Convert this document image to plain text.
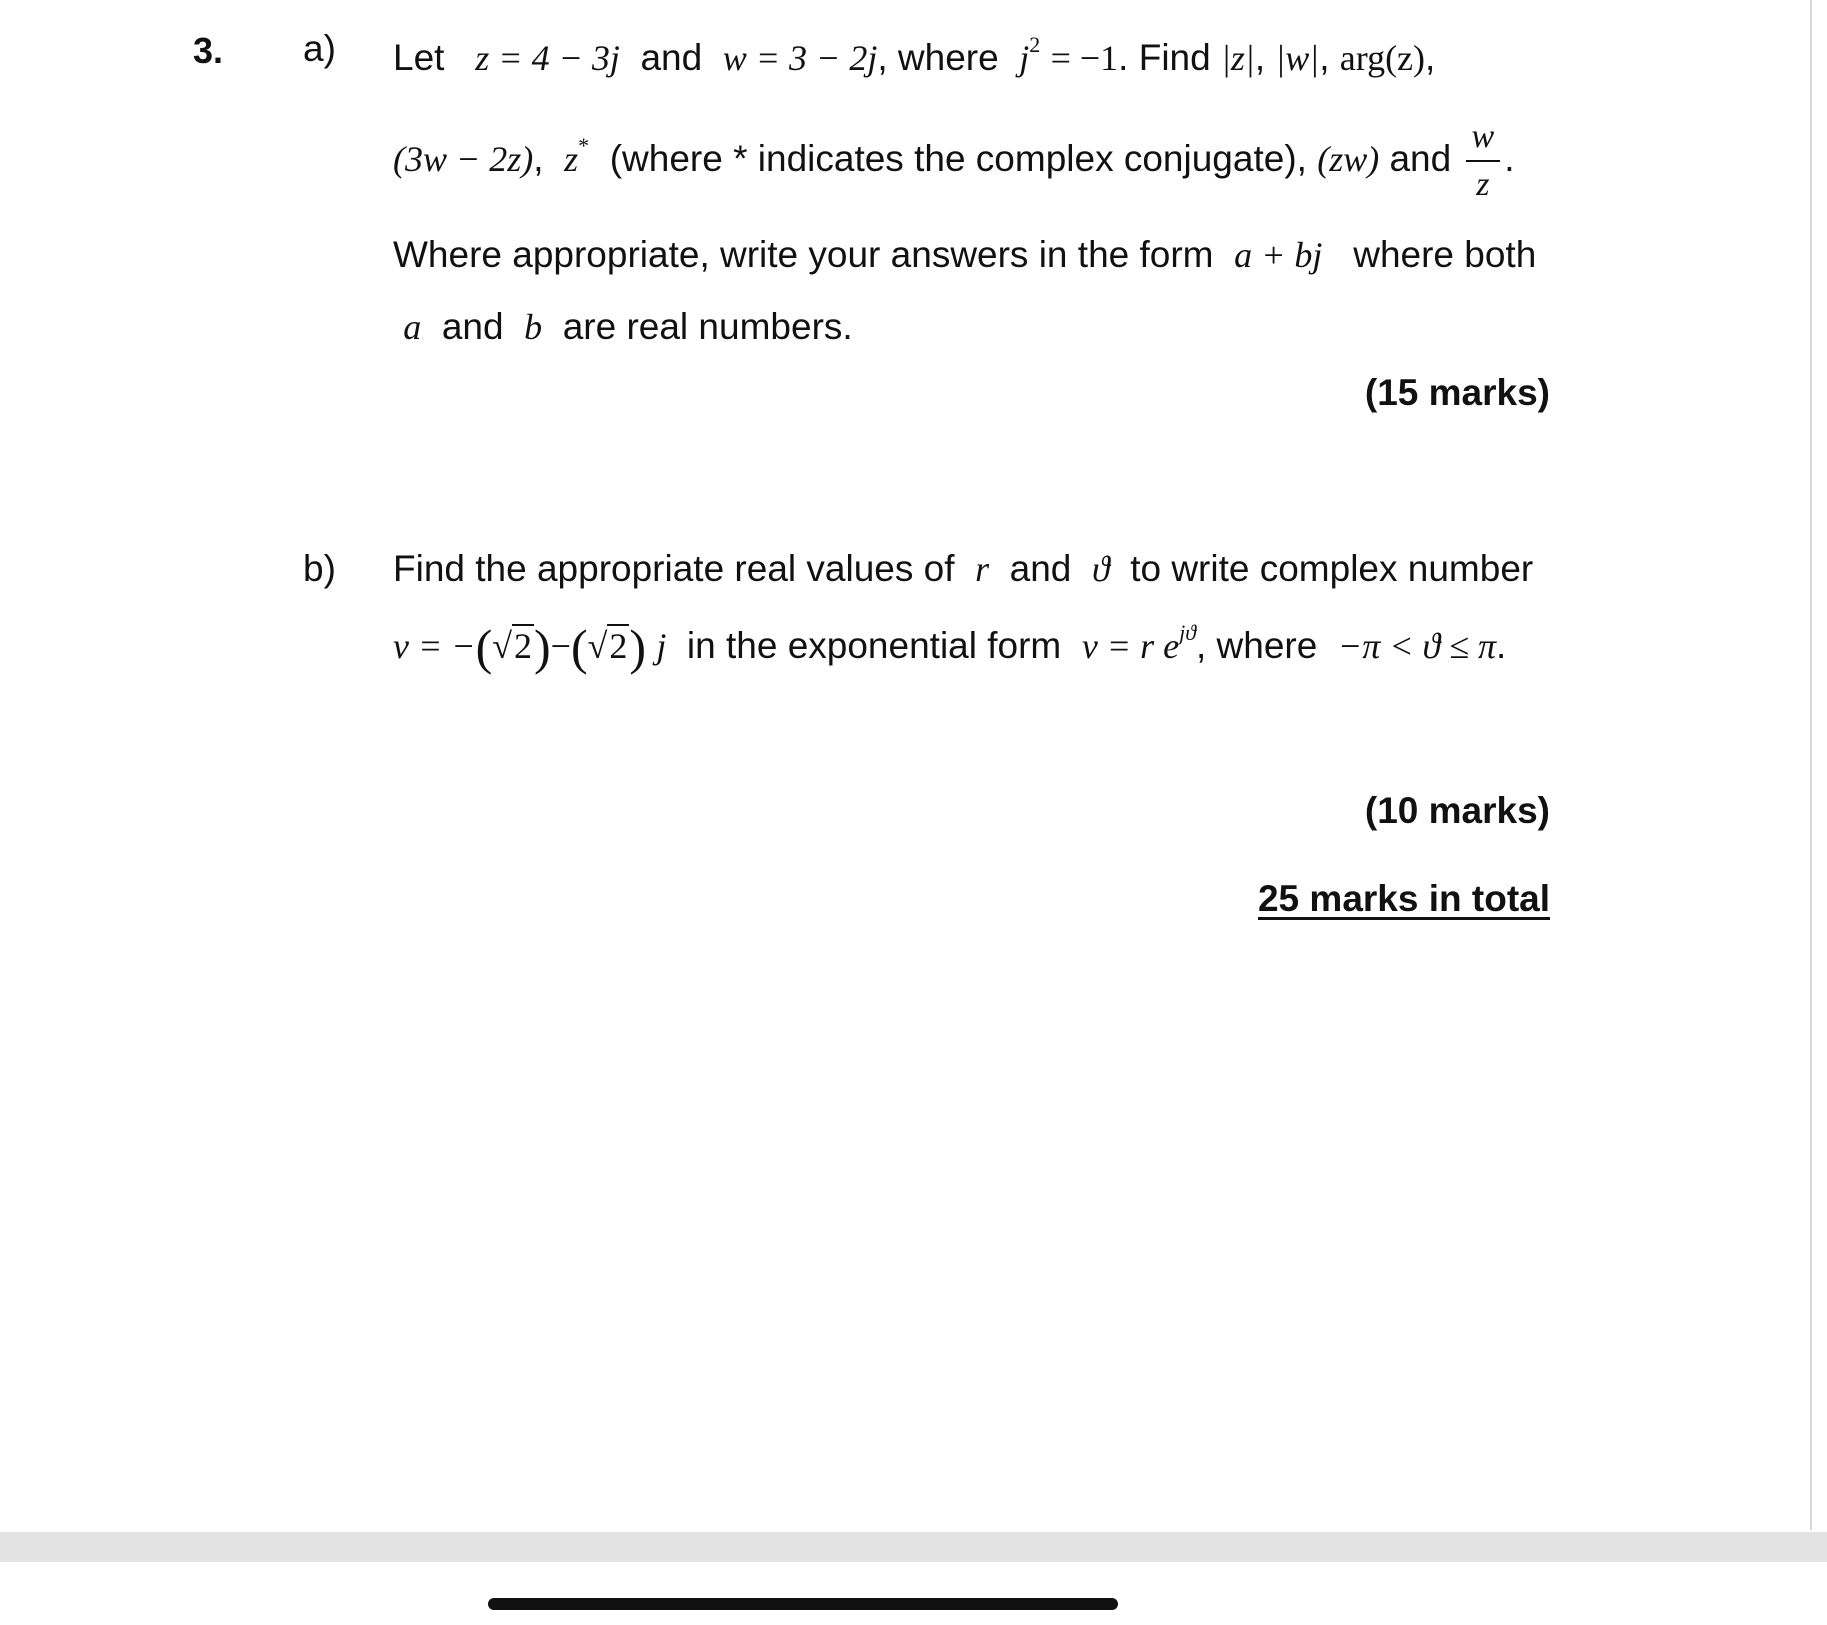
3. a) Let z = 4 − 3j and w = 3 − 2j, where $j^2 = -1$. Find |z|, |w|, arg(z),
(3w − 2z),  z* (where * indicates the complex conjugate), (zw) and $\frac{w}{z}$ .
Where appropriate, write your answers in the form a + bj where both
a and b are real numbers.
(15 marks)
b) Find the appropriate real values of r and ϑ to write complex number
v = −(√2)−(√2) j in the exponential form v = r $e^{jϑ}$, where −π < ϑ ≤ π.
(10 marks)
25 marks in total
